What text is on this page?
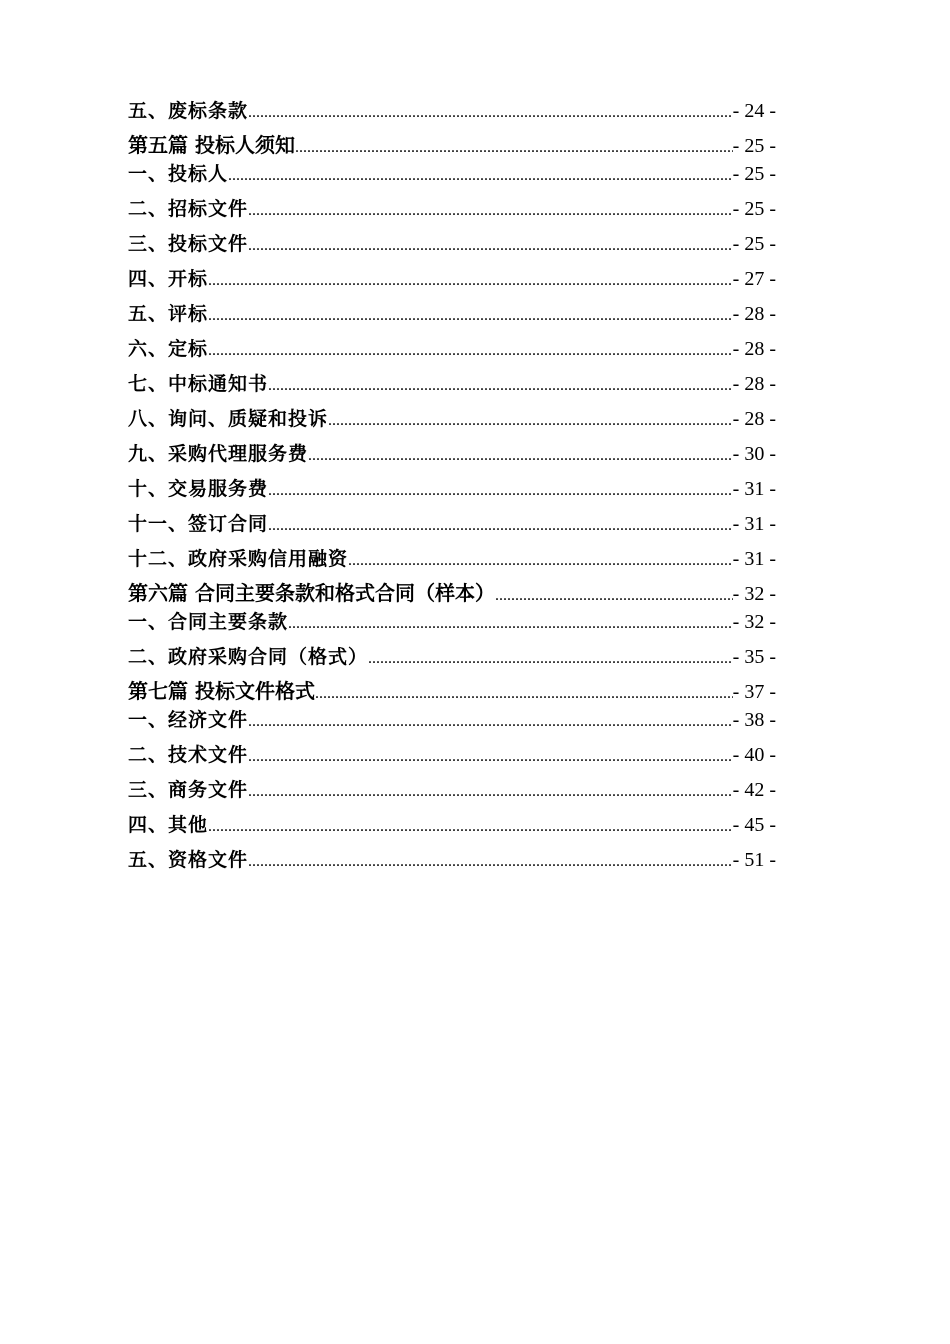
五、废标条款 .....	- 24 -
第五篇 投标人须知 .....	- 25 -
一、投标人 .....	- 25 -
二、招标文件 .....	- 25 -
三、投标文件 .....	- 25 -
四、开标 .....	- 27 -
五、评标 .....	- 28 -
六、定标 .....	- 28 -
七、中标通知书 .....	- 28 -
八、询问、质疑和投诉 .....	- 28 -
九、采购代理服务费 .....	- 30 -
十、交易服务费 .....	- 31 -
十一、签订合同 .....	- 31 -
十二、政府采购信用融资 .....	- 31 -
第六篇 合同主要条款和格式合同（样本） .....	- 32 -
一、合同主要条款 .....	- 32 -
二、政府采购合同（格式） .....	- 35 -
第七篇 投标文件格式 .....	- 37 -
一、经济文件 .....	- 38 -
二、技术文件 .....	- 40 -
三、商务文件 .....	- 42 -
四、其他 .....	- 45 -
五、资格文件 .....	- 51 -
